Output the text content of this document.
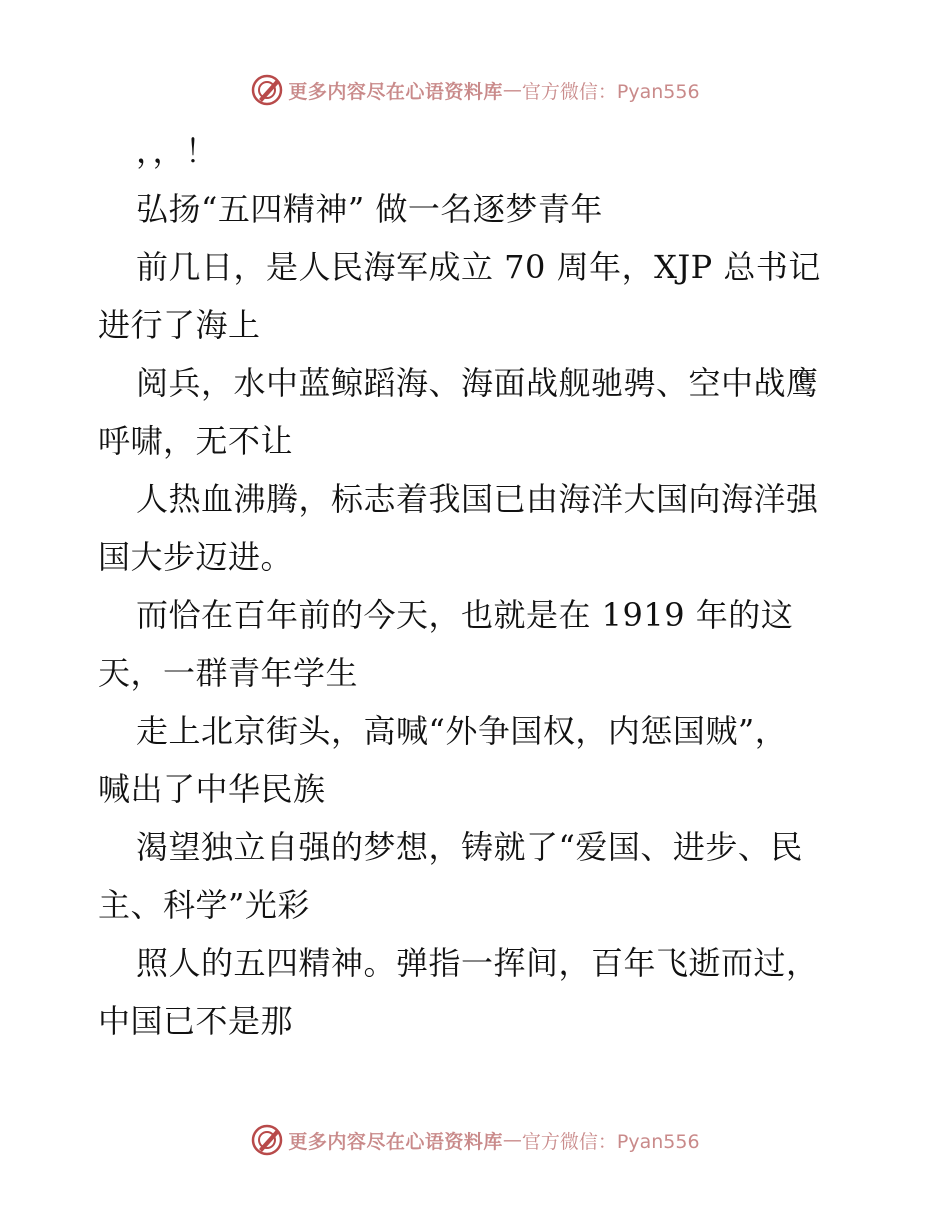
更多内容尽在心语资料库 — 官方微信：Pyan556
，，！
弘扬“五四精神” 做一名逐梦青年
前几日，是人民海军成立 70 周年，XJP 总书记
进行了海上
阅兵，水中蓝鲸蹈海、海面战舰驰骋、空中战鹰
呼啸，无不让
人热血沸腾，标志着我国已由海洋大国向海洋强
国大步迈进。
而恰在百年前的今天，也就是在 1919 年的这
天，一群青年学生
走上北京街头，高喊“外争国权，内惩国贼”，
喊出了中华民族
渴望独立自强的梦想，铸就了“爱国、进步、民
主、科学”光彩
照人的五四精神。弹指一挥间，百年飞逝而过，
中国已不是那
更多内容尽在心语资料库 — 官方微信：Pyan556
